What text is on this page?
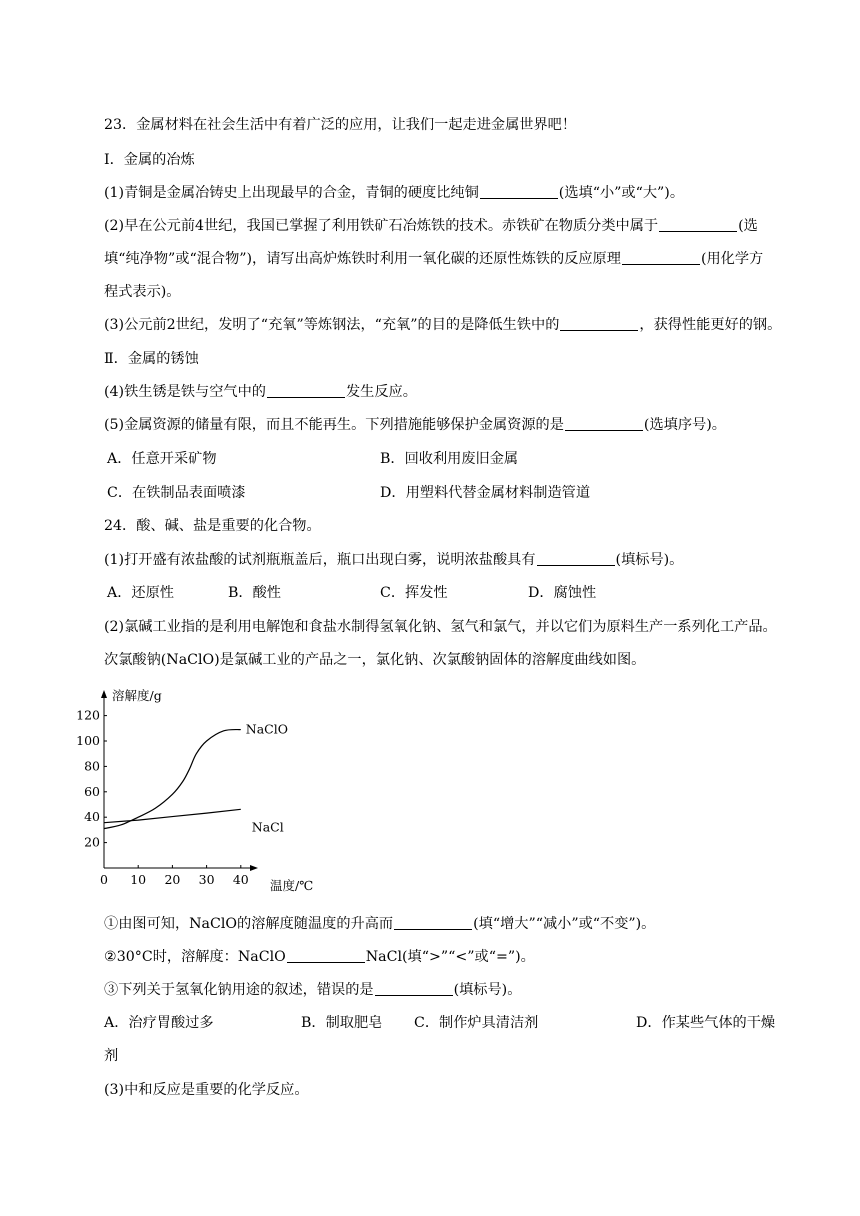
23．金属材料在社会生活中有着广泛的应用，让我们一起走进金属世界吧！
Ⅰ．金属的冶炼
(1)青铜是金属冶铸史上出现最早的合金，青铜的硬度比纯铜	(选填“小”或“大”)。
(2)早在公元前4世纪，我国已掌握了利用铁矿石冶炼铁的技术。赤铁矿在物质分类中属于	(选
填“纯净物”或“混合物”)，请写出高炉炼铁时利用一氧化碳的还原性炼铁的反应原理	(用化学方
程式表示)。
(3)公元前2世纪，发明了“充氧”等炼钢法，“充氧”的目的是降低生铁中的	，获得性能更好的钢。
Ⅱ．金属的锈蚀
(4)铁生锈是铁与空气中的	发生反应。
(5)金属资源的储量有限，而且不能再生。下列措施能够保护金属资源的是	(选填序号)。
A．任意开采矿物	B．回收利用废旧金属
C．在铁制品表面喷漆	D．用塑料代替金属材料制造管道
24．酸、碱、盐是重要的化合物。
(1)打开盛有浓盐酸的试剂瓶瓶盖后，瓶口出现白雾，说明浓盐酸具有	(填标号)。
A．还原性	B．酸性	C．挥发性	D．腐蚀性
(2)氯碱工业指的是利用电解饱和食盐水制得氢氧化钠、氢气和氯气，并以它们为原料生产一系列化工产品。
次氯酸钠(NaClO)是氯碱工业的产品之一，氯化钠、次氯酸钠固体的溶解度曲线如图。
0 10 20 30 40
20
40
60
80
100
120
NaClO
NaCl
溶解度/g
温度/℃
①由图可知，NaClO的溶解度随温度的升高而	(填“增大”“减小”或“不变”)。
②30°C时，溶解度：NaClO	NaCl(填“>”“<”或“=”)。
③下列关于氢氧化钠用途的叙述，错误的是	(填标号)。
A．治疗胃酸过多	B．制取肥皂 C．制作炉具清洁剂	D．作某些气体的干燥
剂
(3)中和反应是重要的化学反应。
